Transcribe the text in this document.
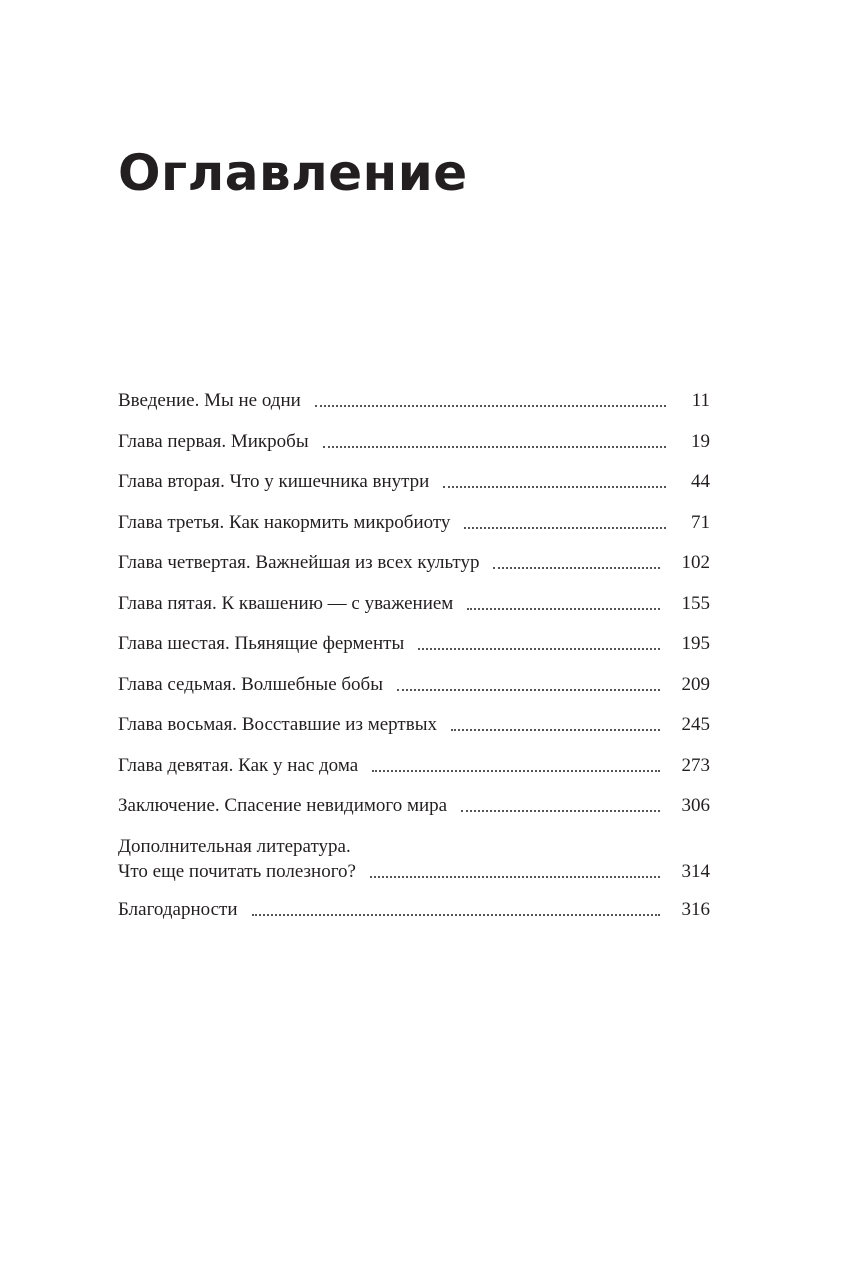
Оглавление
Введение. Мы не одни	11
Глава первая. Микробы	19
Глава вторая. Что у кишечника внутри	44
Глава третья. Как накормить микробиоту	71
Глава четвертая. Важнейшая из всех культур	102
Глава пятая. К квашению — с уважением	155
Глава шестая. Пьянящие ферменты	195
Глава седьмая. Волшебные бобы	209
Глава восьмая. Восставшие из мертвых	245
Глава девятая. Как у нас дома	273
Заключение. Спасение невидимого мира	306
Дополнительная литература.
Что еще почитать полезного?	314
Благодарности	316
